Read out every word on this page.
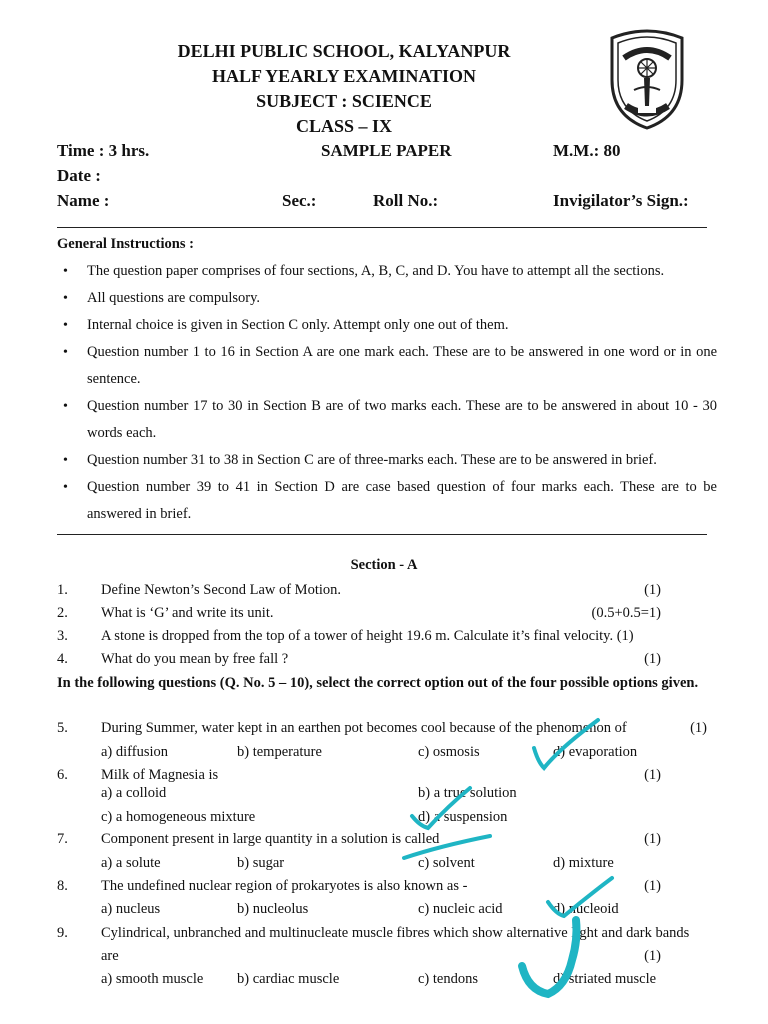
DELHI PUBLIC SCHOOL, KALYANPUR
HALF YEARLY EXAMINATION
SUBJECT : SCIENCE
CLASS – IX
Time : 3 hrs.	SAMPLE PAPER	M.M.: 80
Date :
Name :	Sec.:	Roll No.:	Invigilator’s Sign.:
General Instructions :
• The question paper comprises of four sections, A, B, C, and D. You have to attempt all the sections.
• All questions are compulsory.
• Internal choice is given in Section C only. Attempt only one out of them.
• Question number 1 to 16 in Section A are one mark each. These are to be answered in one word or in one sentence.
• Question number 17 to 30 in Section B are of two marks each. These are to be answered in about 10 - 30 words each.
• Question number 31 to 38 in Section C are of three-marks each. These are to be answered in brief.
• Question number 39 to 41 in Section D are case based question of four marks each. These are to be answered in brief.
Section - A
1. Define Newton’s Second Law of Motion.	(1)
2. What is ‘G’ and write its unit.	(0.5+0.5=1)
3. A stone is dropped from the top of a tower of height 19.6 m. Calculate it’s final velocity. (1)
4. What do you mean by free fall ?	(1)
In the following questions (Q. No. 5 – 10), select the correct option out of the four possible options given.
5. During Summer, water kept in an earthen pot becomes cool because of the phenomenon of	(1)
a) diffusion	b) temperature	c) osmosis	d) evaporation
6. Milk of Magnesia is	(1)
a) a colloid	b) a true solution
c) a homogeneous mixture	d) a suspension
7. Component present in large quantity in a solution is called	(1)
a) a solute	b) sugar	c) solvent	d) mixture
8. The undefined nuclear region of prokaryotes is also known as -	(1)
a) nucleus	b) nucleolus	c) nucleic acid	d) nucleoid
9. Cylindrical, unbranched and multinucleate muscle fibres which show alternative light and dark bands
are	(1)
a) smooth muscle b) cardiac muscle	c) tendons	d) striated muscle
